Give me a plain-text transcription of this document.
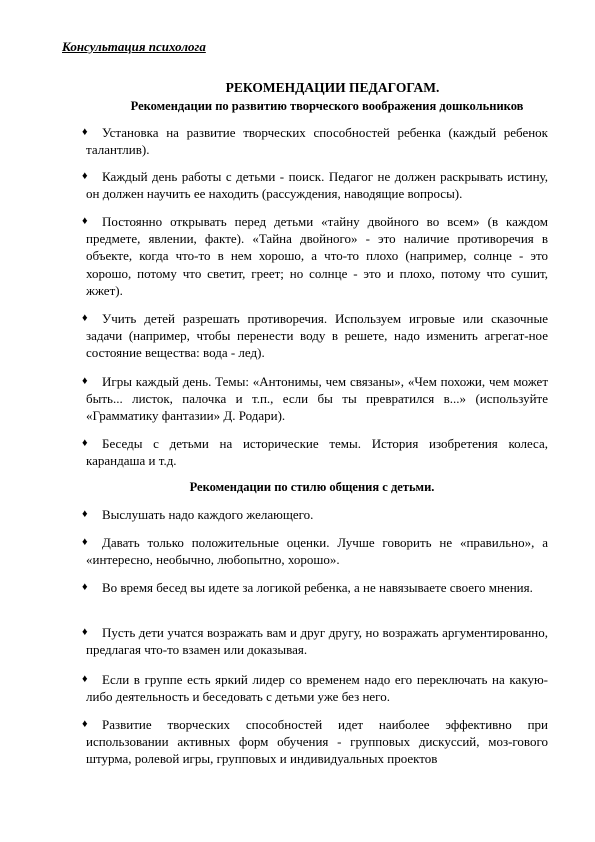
Консультация психолога
РЕКОМЕНДАЦИИ ПЕДАГОГАМ.
Рекомендации по развитию творческого воображения дошкольников
♦	Установка на развитие творческих способностей ребенка (каждый ребенок талантлив).
♦	Каждый день работы с детьми - поиск. Педагог не должен раскрывать истину, он должен научить ее находить (рассуждения, наводящие вопросы).
♦	Постоянно открывать перед детьми «тайну двойного во всем» (в каждом предмете, явлении, факте). «Тайна двойного» - это наличие противоречия в объекте, когда что-то в нем хорошо, а что-то плохо (например, солнце - это хорошо, потому что светит, греет; но солнце - это и плохо, потому что сушит, жжет).
♦	Учить детей разрешать противоречия. Используем игровые или сказочные задачи (например, чтобы перенести воду в решете, надо изменить агрегат-ное состояние вещества: вода - лед).
♦	Игры каждый день. Темы: «Антонимы, чем связаны», «Чем похожи, чем может быть... листок, палочка и т.п., если бы ты превратился в...» (используйте «Грамматику фантазии» Д. Родари).
♦	Беседы с детьми на исторические темы. История изобретения колеса, карандаша и т.д.
Рекомендации по стилю общения с детьми.
♦	Выслушать надо каждого желающего.
♦	Давать только положительные оценки. Лучше говорить не «правильно», а «интересно, необычно, любопытно, хорошо».
♦	Во время бесед вы идете за логикой ребенка, а не навязываете своего мнения.
♦	Пусть дети учатся возражать вам и друг другу, но возражать аргументированно, предлагая что-то взамен или доказывая.
♦	Если в группе есть яркий лидер со временем надо его переключать на какую-либо деятельность и беседовать с детьми уже без него.
♦	Развитие творческих способностей идет наиболее эффективно при использовании активных форм обучения - групповых дискуссий, моз-гового штурма, ролевой игры, групповых и индивидуальных проектов
